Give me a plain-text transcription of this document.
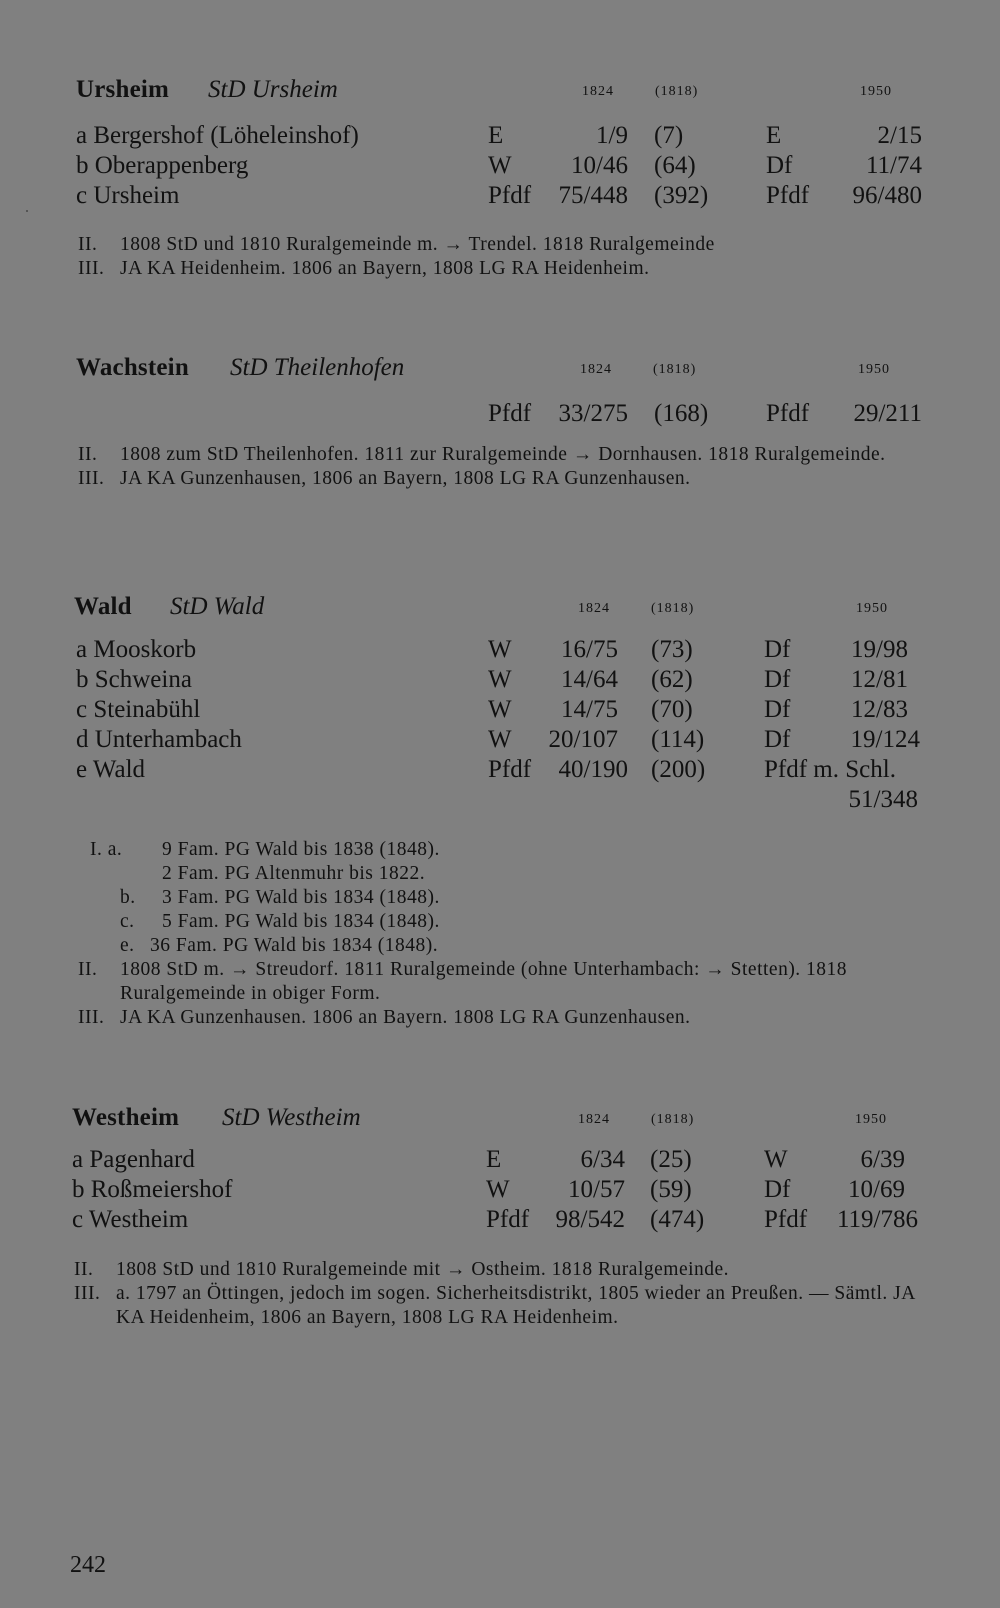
Ursheim StD Ursheim	1824	(1818)	1950
a Bergershof (Löheleinshof)	E	1/9 (7)	E	2/15
b Oberappenberg	W 10/46 (64)	Df	11/74
c Ursheim	Pfdf 75/448 (392) Pfdf 96/480
II. 1808 StD und 1810 Ruralgemeinde m. → Trendel. 1818 Ruralgemeinde
III. JA KA Heidenheim. 1806 an Bayern, 1808 LG RA Heidenheim.
Wachstein StD Theilenhofen	1824	(1818)	1950
Pfdf 33/275 (168) Pfdf 29/211
II. 1808 zum StD Theilenhofen. 1811 zur Ruralgemeinde → Dornhausen. 1818 Ruralgemeinde.
III. JA KA Gunzenhausen, 1806 an Bayern, 1808 LG RA Gunzenhausen.
Wald StD Wald	1824	(1818)	1950
a Mooskorb	W 16/75 (73)	Df 19/98
b Schweina	W 14/64 (62)	Df 12/81
c Steinabühl	W 14/75 (70)	Df 12/83
d Unterhambach	W 20/107 (114) Df 19/124
e Wald	Pfdf 40/190 (200) Pfdf m. Schl.
51/348
I. a. 9 Fam. PG Wald bis 1838 (1848).
2 Fam. PG Altenmuhr bis 1822.
b. 3 Fam. PG Wald bis 1834 (1848).
c. 5 Fam. PG Wald bis 1834 (1848).
e. 36 Fam. PG Wald bis 1834 (1848).
II. 1808 StD m. → Streudorf. 1811 Ruralgemeinde (ohne Unterhambach: → Stetten). 1818 Ruralgemeinde in obiger Form.
III. JA KA Gunzenhausen. 1806 an Bayern. 1808 LG RA Gunzenhausen.
Westheim StD Westheim	1824	(1818)	1950
a Pagenhard	E	6/34 (25)	W	6/39
b Roßmeiershof	W 10/57 (59)	Df 10/69
c Westheim	Pfdf 98/542 (474) Pfdf 119/786
II. 1808 StD und 1810 Ruralgemeinde mit → Ostheim. 1818 Ruralgemeinde.
III. a. 1797 an Öttingen, jedoch im sogen. Sicherheitsdistrikt, 1805 wieder an Preußen. — Sämtl. JA KA Heidenheim, 1806 an Bayern, 1808 LG RA Heidenheim.
242
